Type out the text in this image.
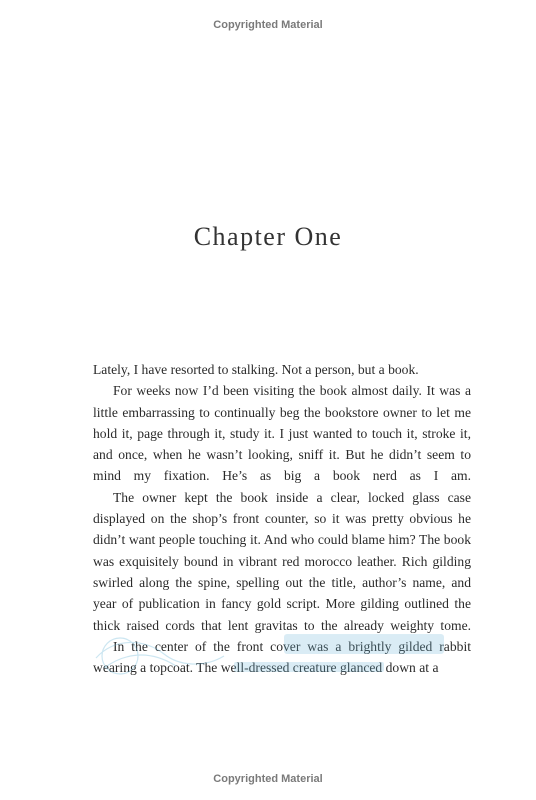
Copyrighted Material
Chapter One

Lately, I have resorted to stalking. Not a person, but a book.

For weeks now I’d been visiting the book almost daily. It was a little embarrassing to continually beg the bookstore owner to let me hold it, page through it, study it. I just wanted to touch it, stroke it, and once, when he wasn’t looking, sniff it. But he didn’t seem to mind my fixation. He’s as big a book nerd as I am.

The owner kept the book inside a clear, locked glass case displayed on the shop’s front counter, so it was pretty obvious he didn’t want people touching it. And who could blame him? The book was exquisitely bound in vibrant red morocco leather. Rich gilding swirled along the spine, spelling out the title, author’s name, and year of publication in fancy gold script. More gilding outlined the thick raised cords that lent gravitas to the already weighty tome.

In the center of the front cover was a brightly gilded rabbit wearing a topcoat. The well-dressed creature glanced down at a

Copyrighted Material
